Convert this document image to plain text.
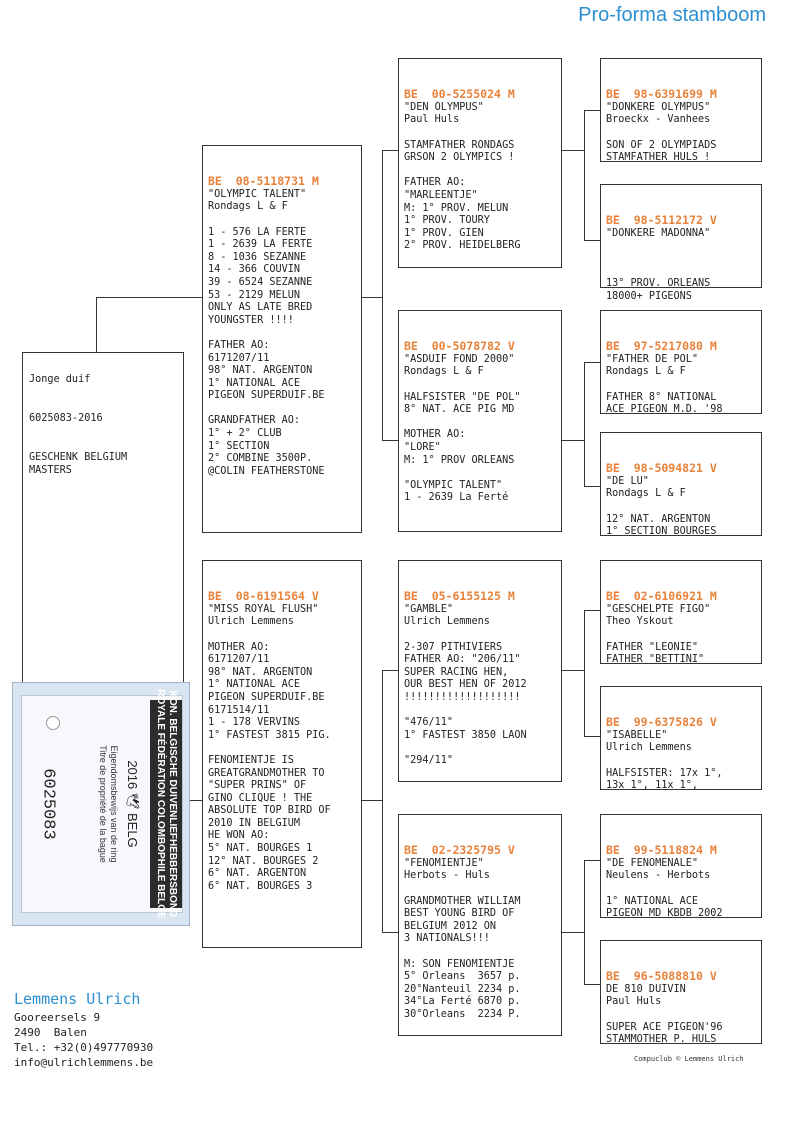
Pro-forma stamboom
Jonge duif

6025083-2016

GESCHENK BELGIUM
MASTERS
KON. BELGISCHE DUIVENLIEFHEBBERSBOND
ROYALE FÉDÉRATION COLOMBOPHILE BELGE
2016 🕊 BELG
Eigendomsbewijs van de ring
Titre de propriété de la bague
6025083

BE  08-5118731 M
"OLYMPIC TALENT"
Rondags L & F

1 - 576 LA FERTE
1 - 2639 LA FERTE
8 - 1036 SEZANNE
14 - 366 COUVIN
39 - 6524 SEZANNE
53 - 2129 MELUN
ONLY AS LATE BRED
YOUNGSTER !!!!

FATHER AO:
6171207/11
98° NAT. ARGENTON
1° NATIONAL ACE
PIGEON SUPERDUIF.BE

GRANDFATHER AO:
1° + 2° CLUB
1° SECTION
2° COMBINE 3500P.
@COLIN FEATHERSTONE

BE  08-6191564 V
"MISS ROYAL FLUSH"
Ulrich Lemmens

MOTHER AO:
6171207/11
98° NAT. ARGENTON
1° NATIONAL ACE
PIGEON SUPERDUIF.BE
6171514/11
1 - 178 VERVINS
1° FASTEST 3815 PIG.

FENOMIENTJE IS
GREATGRANDMOTHER TO
"SUPER PRINS" OF
GINO CLIQUE ! THE
ABSOLUTE TOP BIRD OF
2010 IN BELGIUM
HE WON AO:
5° NAT. BOURGES 1
12° NAT. BOURGES 2
6° NAT. ARGENTON
6° NAT. BOURGES 3

BE  00-5255024 M
"DEN OLYMPUS"
Paul Huls

STAMFATHER RONDAGS
GRSON 2 OLYMPICS !

FATHER AO:
"MARLEENTJE"
M: 1° PROV. MELUN
1° PROV. TOURY
1° PROV. GIEN
2° PROV. HEIDELBERG

BE  00-5078782 V
"ASDUIF FOND 2000"
Rondags L & F

HALFSISTER "DE POL"
8° NAT. ACE PIG MD

MOTHER AO:
"LORE"
M: 1° PROV ORLEANS

"OLYMPIC TALENT"
1 - 2639 La Ferté

BE  05-6155125 M
"GAMBLE"
Ulrich Lemmens

2-307 PITHIVIERS
FATHER AO: "206/11"
SUPER RACING HEN,
OUR BEST HEN OF 2012
!!!!!!!!!!!!!!!!!!!

"476/11"
1° FASTEST 3850 LAON

"294/11"

BE  02-2325795 V
"FENOMIENTJE"
Herbots - Huls

GRANDMOTHER WILLIAM
BEST YOUNG BIRD OF
BELGIUM 2012 ON
3 NATIONALS!!!

M: SON FENOMIENTJE
5° Orleans  3657 p.
20°Nanteuil 2234 p.
34°La Ferté 6870 p.
30°Orleans  2234 P.

BE  98-6391699 M
"DONKERE OLYMPUS"
Broeckx - Vanhees

SON OF 2 OLYMPIADS
STAMFATHER HULS !

BE  98-5112172 V
"DONKERE MADONNA"

13° PROV. ORLEANS
18000+ PIGEONS

BE  97-5217080 M
"FATHER DE POL"
Rondags L & F

FATHER 8° NATIONAL
ACE PIGEON M.D. '98

BE  98-5094821 V
"DE LU"
Rondags L & F

12° NAT. ARGENTON
1° SECTION BOURGES

BE  02-6106921 M
"GESCHELPTE FIGO"
Theo Yskout

FATHER "LEONIE"
FATHER "BETTINI"

BE  99-6375826 V
"ISABELLE"
Ulrich Lemmens

HALFSISTER: 17x 1°,
13x 1°, 11x 1°,

BE  99-5118824 M
"DE FENOMENALE"
Neulens - Herbots

1° NATIONAL ACE
PIGEON MD KBDB 2002

BE  96-5088810 V
DE 810 DUIVIN
Paul Huls

SUPER ACE PIGEON'96
STAMMOTHER P. HULS

Lemmens Ulrich
Gooreersels 9
2490  Balen
Tel.: +32(0)497770930
info@ulrichlemmens.be	Compuclub © Lemmens Ulrich
